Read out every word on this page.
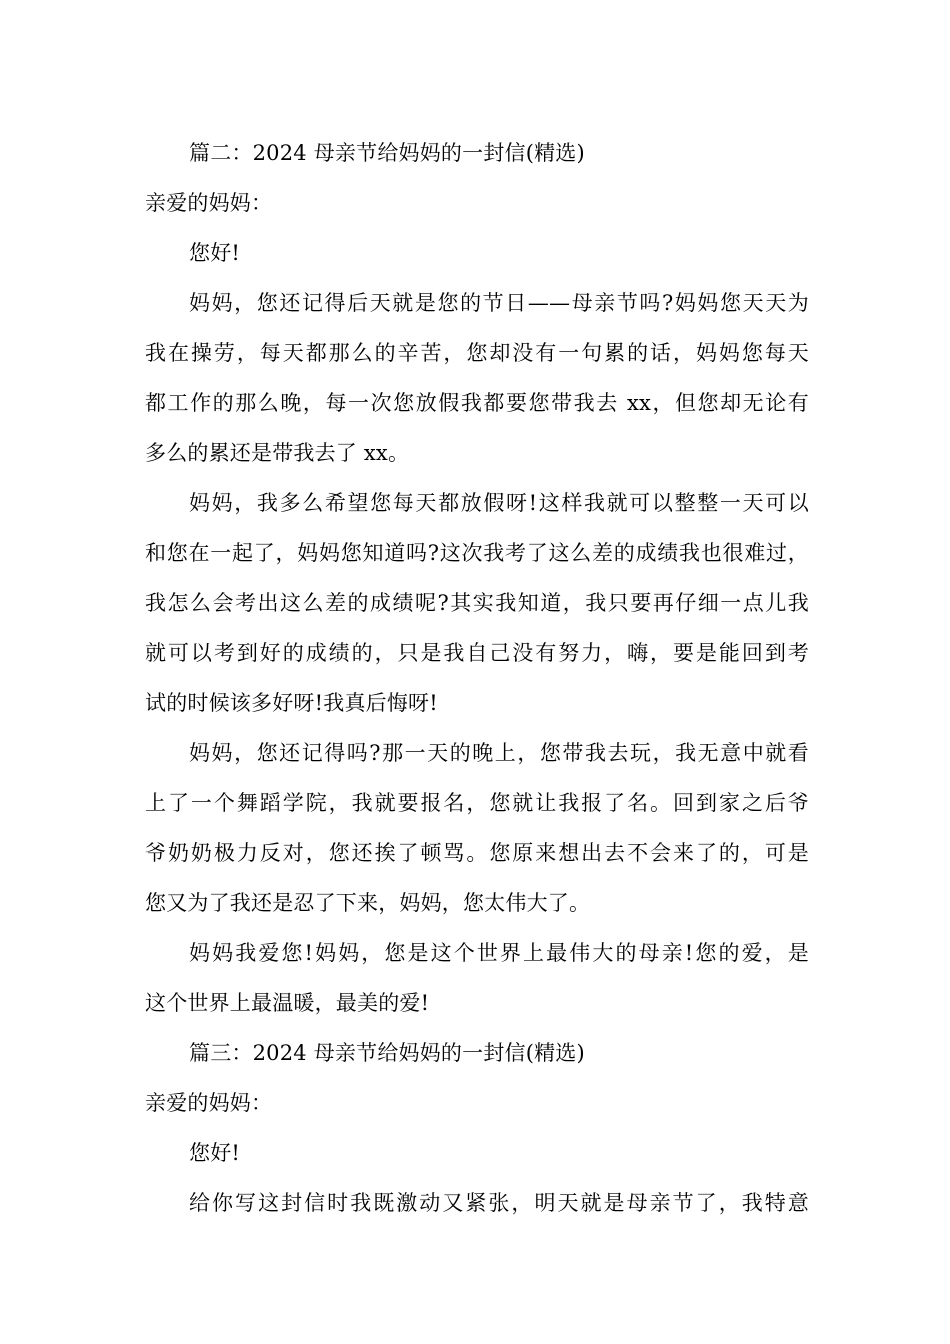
篇二：2024 母亲节给妈妈的一封信(精选)
亲爱的妈妈：
您好!
妈妈，您还记得后天就是您的节日——母亲节吗?妈妈您天天为
我在操劳，每天都那么的辛苦，您却没有一句累的话，妈妈您每天
都工作的那么晚，每一次您放假我都要您带我去 xx，但您却无论有
多么的累还是带我去了 xx。
妈妈，我多么希望您每天都放假呀!这样我就可以整整一天可以
和您在一起了，妈妈您知道吗?这次我考了这么差的成绩我也很难过，
我怎么会考出这么差的成绩呢?其实我知道，我只要再仔细一点儿我
就可以考到好的成绩的，只是我自己没有努力，嗨，要是能回到考
试的时候该多好呀!我真后悔呀!
妈妈，您还记得吗?那一天的晚上，您带我去玩，我无意中就看
上了一个舞蹈学院，我就要报名，您就让我报了名。回到家之后爷
爷奶奶极力反对，您还挨了顿骂。您原来想出去不会来了的，可是
您又为了我还是忍了下来，妈妈，您太伟大了。
妈妈我爱您!妈妈，您是这个世界上最伟大的母亲!您的爱，是
这个世界上最温暖，最美的爱!
篇三：2024 母亲节给妈妈的一封信(精选)
亲爱的妈妈：
您好!
给你写这封信时我既激动又紧张，明天就是母亲节了，我特意
